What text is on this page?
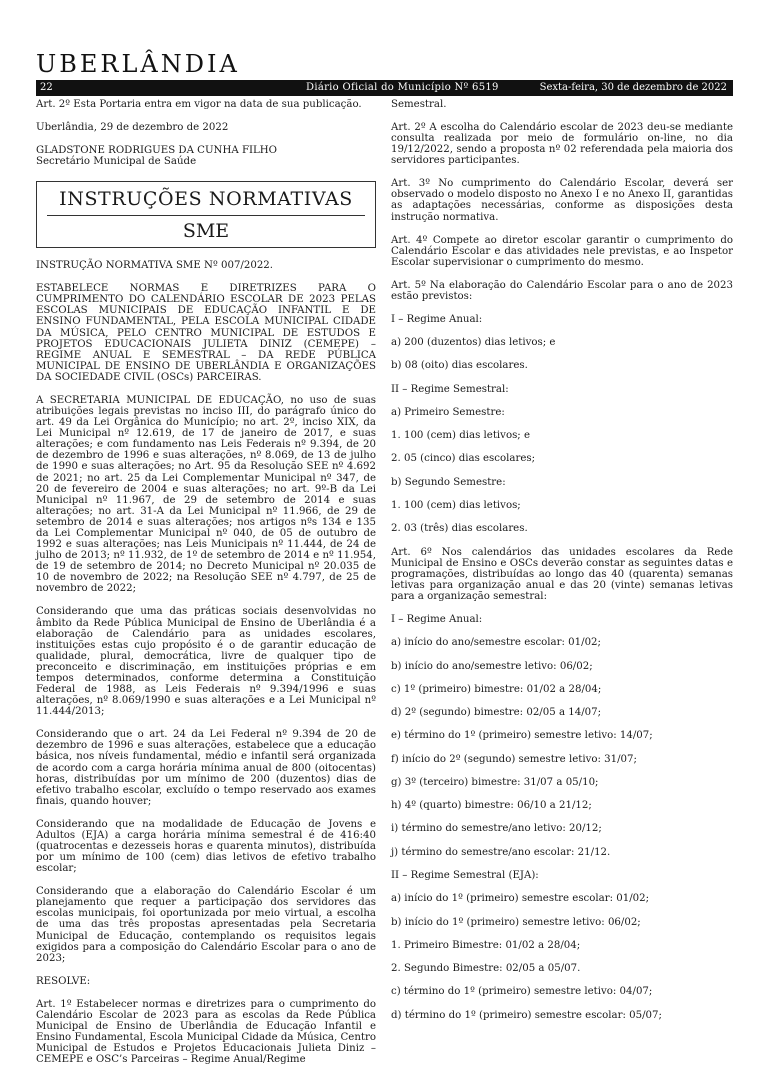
UBERLÂNDIA
22	Diário Oficial do Município Nº 6519	Sexta-feira, 30 de dezembro de 2022

Art. 2º Esta Portaria entra em vigor na data de sua publicação.

Uberlândia, 29 de dezembro de 2022

GLADSTONE RODRIGUES DA CUNHA FILHO
Secretário Municipal de Saúde

INSTRUÇÕES NORMATIVAS
SME

INSTRUÇÃO NORMATIVA SME Nº 007/2022.

ESTABELECE NORMAS E DIRETRIZES PARA O CUMPRIMENTO DO CALENDÁRIO ESCOLAR DE 2023 PELAS ESCOLAS MUNICIPAIS DE EDUCAÇÃO INFANTIL E DE ENSINO FUNDAMENTAL, PELA ESCOLA MUNICIPAL CIDADE DA MÚSICA, PELO CENTRO MUNICIPAL DE ESTUDOS E PROJETOS EDUCACIONAIS JULIETA DINIZ (CEMEPE) – REGIME ANUAL E SEMESTRAL – DA REDE PÚBLICA MUNICIPAL DE ENSINO DE UBERLÂNDIA E ORGANIZAÇÕES DA SOCIEDADE CIVIL (OSCs) PARCEIRAS.

A SECRETARIA MUNICIPAL DE EDUCAÇÃO, no uso de suas atribuições legais previstas no inciso III, do parágrafo único do art. 49 da Lei Orgânica do Município; no art. 2º, inciso XIX, da Lei Municipal nº 12.619, de 17 de janeiro de 2017, e suas alterações; e com fundamento nas Leis Federais nº 9.394, de 20 de dezembro de 1996 e suas alterações, nº 8.069, de 13 de julho de 1990 e suas alterações; no Art. 95 da Resolução SEE nº 4.692 de 2021; no art. 25 da Lei Complementar Municipal nº 347, de 20 de fevereiro de 2004 e suas alterações; no art. 9º-B da Lei Municipal nº 11.967, de 29 de setembro de 2014 e suas alterações; no art. 31-A da Lei Municipal nº 11.966, de 29 de setembro de 2014 e suas alterações; nos artigos nºs 134 e 135 da Lei Complementar Municipal nº 040, de 05 de outubro de 1992 e suas alterações; nas Leis Municipais nº 11.444, de 24 de julho de 2013; nº 11.932, de 1º de setembro de 2014 e nº 11.954, de 19 de setembro de 2014; no Decreto Municipal nº 20.035 de 10 de novembro de 2022; na Resolução SEE nº 4.797, de 25 de novembro de 2022;

Considerando que uma das práticas sociais desenvolvidas no âmbito da Rede Pública Municipal de Ensino de Uberlândia é a elaboração de Calendário para as unidades escolares, instituições estas cujo propósito é o de garantir educação de qualidade, plural, democrática, livre de qualquer tipo de preconceito e discriminação, em instituições próprias e em tempos determinados, conforme determina a Constituição Federal de 1988, as Leis Federais nº 9.394/1996 e suas alterações, nº 8.069/1990 e suas alterações e a Lei Municipal nº 11.444/2013;

Considerando que o art. 24 da Lei Federal nº 9.394 de 20 de dezembro de 1996 e suas alterações, estabelece que a educação básica, nos níveis fundamental, médio e infantil será organizada de acordo com a carga horária mínima anual de 800 (oitocentas) horas, distribuídas por um mínimo de 200 (duzentos) dias de efetivo trabalho escolar, excluído o tempo reservado aos exames finais, quando houver;

Considerando que na modalidade de Educação de Jovens e Adultos (EJA) a carga horária mínima semestral é de 416:40 (quatrocentas e dezesseis horas e quarenta minutos), distribuída por um mínimo de 100 (cem) dias letivos de efetivo trabalho escolar;

Considerando que a elaboração do Calendário Escolar é um planejamento que requer a participação dos servidores das escolas municipais, foi oportunizada por meio virtual, a escolha de uma das três propostas apresentadas pela Secretaria Municipal de Educação, contemplando os requisitos legais exigidos para a composição do Calendário Escolar para o ano de 2023;

RESOLVE:

Art. 1º Estabelecer normas e diretrizes para o cumprimento do Calendário Escolar de 2023 para as escolas da Rede Pública Municipal de Ensino de Uberlândia de Educação Infantil e Ensino Fundamental, Escola Municipal Cidade da Música, Centro Municipal de Estudos e Projetos Educacionais Julieta Diniz – CEMEPE e OSC’s Parceiras – Regime Anual/Regime

Semestral.

Art. 2º A escolha do Calendário escolar de 2023 deu-se mediante consulta realizada por meio de formulário on-line, no dia 19/12/2022, sendo a proposta nº 02 referendada pela maioria dos servidores participantes.

Art. 3º No cumprimento do Calendário Escolar, deverá ser observado o modelo disposto no Anexo I e no Anexo II, garantidas as adaptações necessárias, conforme as disposições desta instrução normativa.

Art. 4º Compete ao diretor escolar garantir o cumprimento do Calendário Escolar e das atividades nele previstas, e ao Inspetor Escolar supervisionar o cumprimento do mesmo.

Art. 5º Na elaboração do Calendário Escolar para o ano de 2023 estão previstos:

I – Regime Anual:

a) 200 (duzentos) dias letivos; e

b) 08 (oito) dias escolares.

II – Regime Semestral:

a) Primeiro Semestre:

1. 100 (cem) dias letivos; e

2. 05 (cinco) dias escolares;

b) Segundo Semestre:

1. 100 (cem) dias letivos;

2. 03 (três) dias escolares.

Art. 6º Nos calendários das unidades escolares da Rede Municipal de Ensino e OSCs deverão constar as seguintes datas e programações, distribuídas ao longo das 40 (quarenta) semanas letivas para organização anual e das 20 (vinte) semanas letivas para a organização semestral:

I – Regime Anual:

a) início do ano/semestre escolar: 01/02;

b) início do ano/semestre letivo: 06/02;

c) 1º (primeiro) bimestre: 01/02 a 28/04;

d) 2º (segundo) bimestre: 02/05 a 14/07;

e) término do 1º (primeiro) semestre letivo: 14/07;

f) início do 2º (segundo) semestre letivo: 31/07;

g) 3º (terceiro) bimestre: 31/07 a 05/10;

h) 4º (quarto) bimestre: 06/10 a 21/12;

i) término do semestre/ano letivo: 20/12;

j) término do semestre/ano escolar: 21/12.

II – Regime Semestral (EJA):

a) início do 1º (primeiro) semestre escolar: 01/02;

b) início do 1º (primeiro) semestre letivo: 06/02;

1. Primeiro Bimestre: 01/02 a 28/04;

2. Segundo Bimestre: 02/05 a 05/07.

c) término do 1º (primeiro) semestre letivo: 04/07;

d) término do 1º (primeiro) semestre escolar: 05/07;
